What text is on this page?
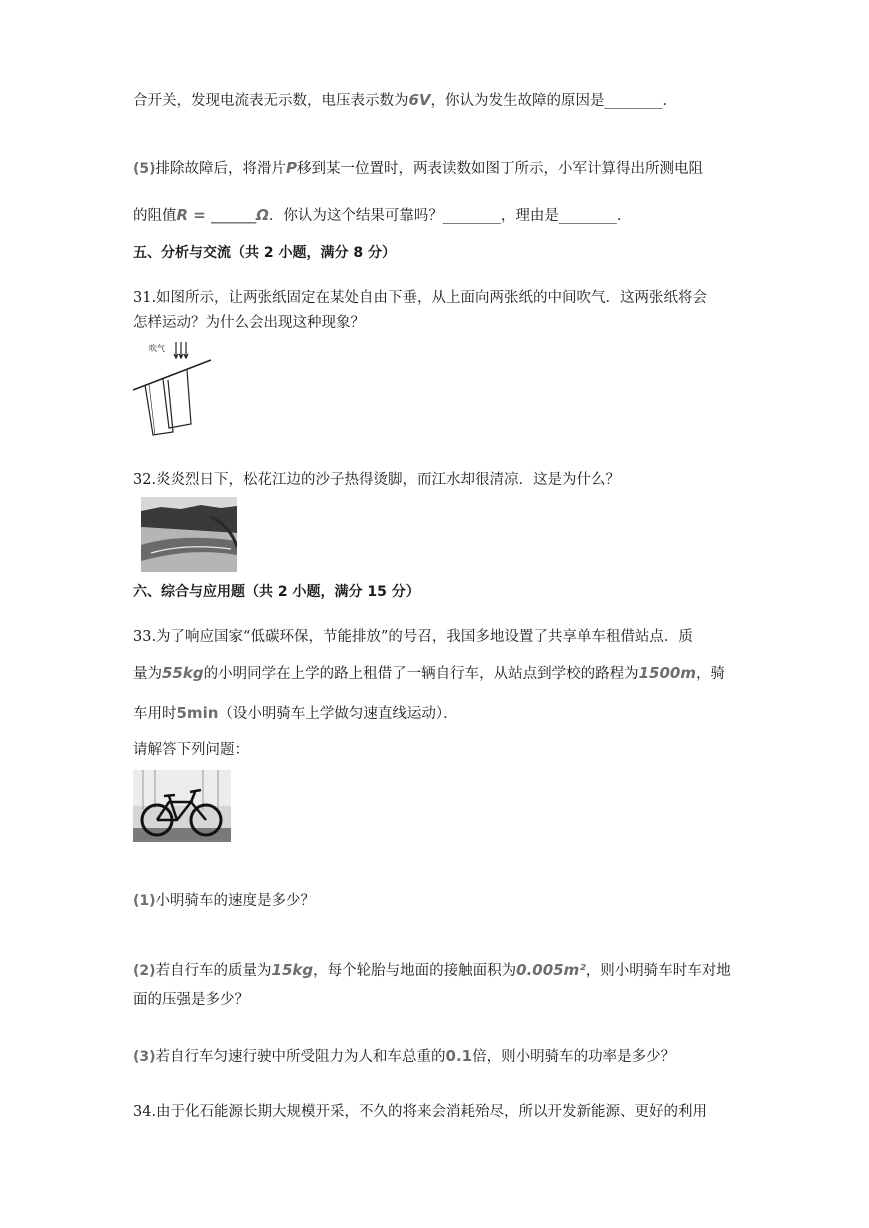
合开关，发现电流表无示数，电压表示数为6V，你认为发生故障的原因是________．
(5)排除故障后，将滑片P移到某一位置时，两表读数如图丁所示，小军计算得出所测电阻
的阻值R = ______Ω．你认为这个结果可靠吗？________，理由是________．
五、分析与交流（共 2 小题，满分 8 分）
31.如图所示，让两张纸固定在某处自由下垂，从上面向两张纸的中间吹气．这两张纸将会
怎样运动？为什么会出现这种现象？
吹气
32.炎炎烈日下，松花江边的沙子热得烫脚，而江水却很清凉．这是为什么？
六、综合与应用题（共 2 小题，满分 15 分）
33.为了响应国家“低碳环保，节能排放”的号召，我国多地设置了共享单车租借站点．质
量为55kg的小明同学在上学的路上租借了一辆自行车，从站点到学校的路程为1500m，骑
车用时5min（设小明骑车上学做匀速直线运动）．
请解答下列问题：
(1)小明骑车的速度是多少？
(2)若自行车的质量为15kg，每个轮胎与地面的接触面积为0.005m²，则小明骑车时车对地
面的压强是多少？
(3)若自行车匀速行驶中所受阻力为人和车总重的0.1倍，则小明骑车的功率是多少？
34.由于化石能源长期大规模开采，不久的将来会消耗殆尽，所以开发新能源、更好的利用
